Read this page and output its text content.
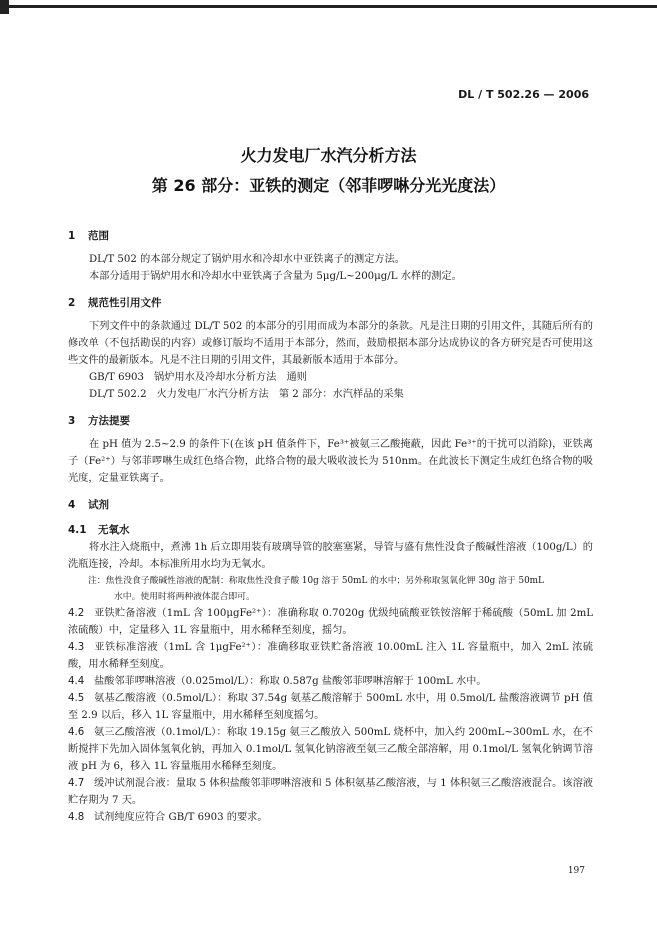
DL / T 502.26 — 2006
火力发电厂水汽分析方法
第 26 部分：亚铁的测定（邻菲啰啉分光光度法）

1 范围

DL/T 502 的本部分规定了锅炉用水和冷却水中亚铁离子的测定方法。

本部分适用于锅炉用水和冷却水中亚铁离子含量为 5μg/L~200μg/L 水样的测定。

2 规范性引用文件

下列文件中的条款通过 DL/T 502 的本部分的引用而成为本部分的条款。凡是注日期的引用文件，其随后所有的修改单（不包括勘误的内容）或修订版均不适用于本部分，然而，鼓励根据本部分达成协议的各方研究是否可使用这些文件的最新版本。凡是不注日期的引用文件，其最新版本适用于本部分。

GB/T 6903 锅炉用水及冷却水分析方法　通则

DL/T 502.2 火力发电厂水汽分析方法　第 2 部分：水汽样品的采集

3 方法提要

在 pH 值为 2.5~2.9 的条件下(在该 pH 值条件下，Fe³⁺被氨三乙酸掩蔽，因此 Fe³⁺的干扰可以消除)，亚铁离子（Fe²⁺）与邻菲啰啉生成红色络合物，此络合物的最大吸收波长为 510nm。在此波长下测定生成红色络合物的吸光度，定量亚铁离子。

4 试剂

4.1	无氧水

将水注入烧瓶中，煮沸 1h 后立即用装有玻璃导管的胶塞塞紧，导管与盛有焦性没食子酸碱性溶液（100g/L）的洗瓶连接，冷却。本标准所用水均为无氧水。

注：焦性没食子酸碱性溶液的配制：称取焦性没食子酸 10g 溶于 50mL 的水中；另外称取氢氧化钾 30g 溶于 50mL

水中。使用时将两种液体混合即可。

4.2 亚铁贮备溶液（1mL 含 100μgFe²⁺）：准确称取 0.7020g 优级纯硫酸亚铁铵溶解于稀硫酸（50mL 加 2mL 浓硫酸）中，定量移入 1L 容量瓶中，用水稀释至刻度，摇匀。

4.3 亚铁标准溶液（1mL 含 1μgFe²⁺）：准确移取亚铁贮备溶液 10.00mL 注入 1L 容量瓶中，加入 2mL 浓硫酸，用水稀释至刻度。

4.4 盐酸邻菲啰啉溶液（0.025mol/L）：称取 0.587g 盐酸邻菲啰啉溶解于 100mL 水中。

4.5 氨基乙酸溶液（0.5mol/L）：称取 37.54g 氨基乙酸溶解于 500mL 水中，用 0.5mol/L 盐酸溶液调节 pH 值至 2.9 以后，移入 1L 容量瓶中，用水稀释至刻度摇匀。

4.6 氨三乙酸溶液（0.1mol/L）：称取 19.15g 氨三乙酸放入 500mL 烧杯中，加入约 200mL~300mL 水，在不断搅拌下先加入固体氢氧化钠，再加入 0.1mol/L 氢氧化钠溶液至氨三乙酸全部溶解，用 0.1mol/L 氢氧化钠调节溶液 pH 为 6，移入 1L 容量瓶用水稀释至刻度。

4.7 缓冲试剂混合液：量取 5 体积盐酸邻菲啰啉溶液和 5 体积氨基乙酸溶液，与 1 体积氨三乙酸溶液混合。该溶液贮存期为 7 天。

4.8 试剂纯度应符合 GB/T 6903 的要求。

197
